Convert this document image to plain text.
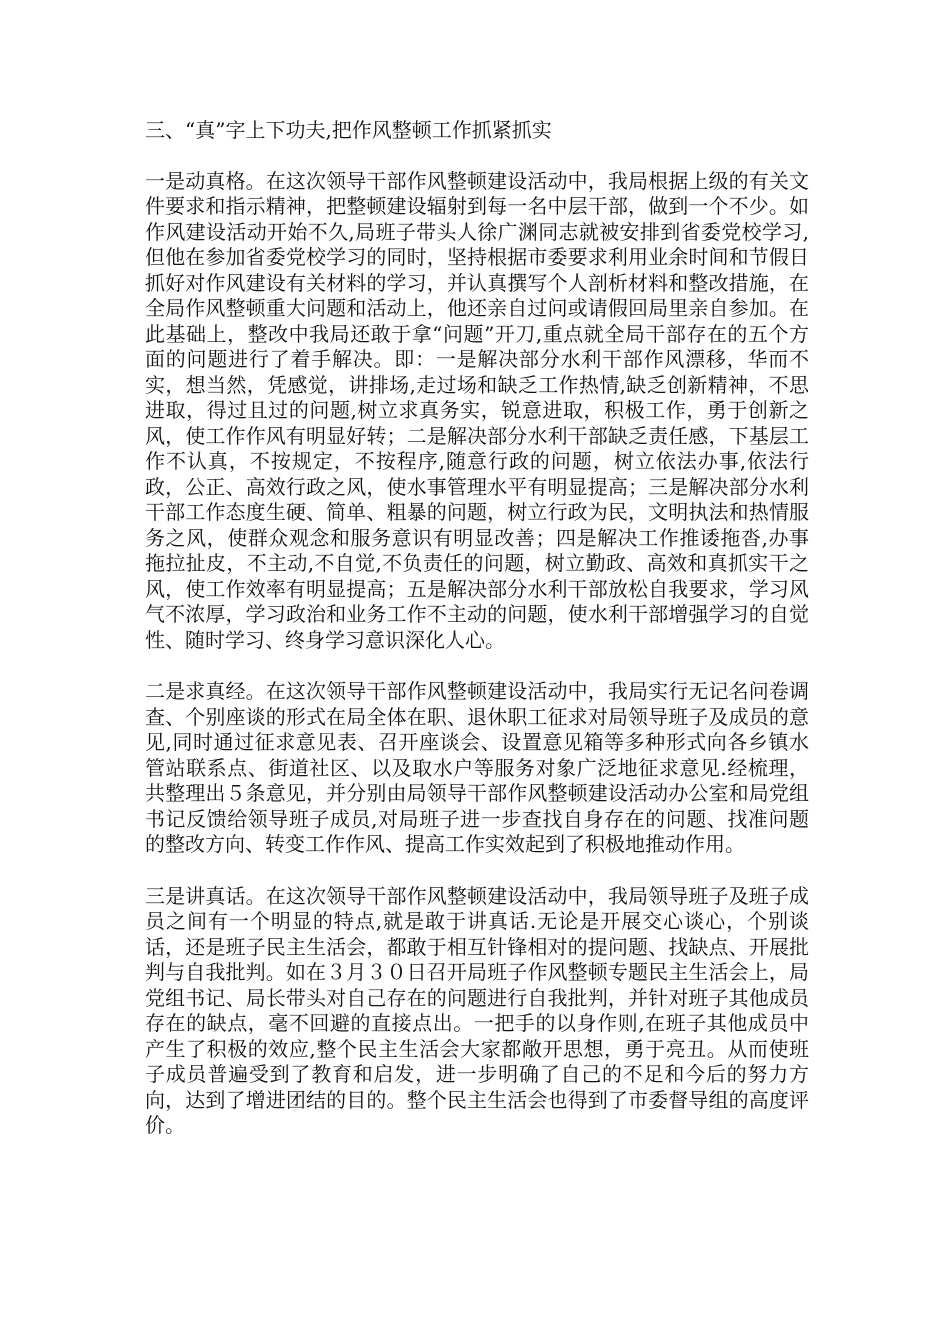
三、“真”字上下功夫,把作风整顿工作抓紧抓实

一是动真格。在这次领导干部作风整顿建设活动中，我局根据上级的有关文件要求和指示精神，把整顿建设辐射到每一名中层干部，做到一个不少。如作风建设活动开始不久,局班子带头人徐广渊同志就被安排到省委党校学习,但他在参加省委党校学习的同时，坚持根据市委要求利用业余时间和节假日抓好对作风建设有关材料的学习，并认真撰写个人剖析材料和整改措施，在全局作风整顿重大问题和活动上，他还亲自过问或请假回局里亲自参加。在此基础上，整改中我局还敢于拿“问题”开刀,重点就全局干部存在的五个方面的问题进行了着手解决。即：一是解决部分水利干部作风漂移，华而不实，想当然，凭感觉，讲排场,走过场和缺乏工作热情,缺乏创新精神，不思进取，得过且过的问题,树立求真务实，锐意进取，积极工作，勇于创新之风，使工作作风有明显好转；二是解决部分水利干部缺乏责任感，下基层工作不认真，不按规定，不按程序,随意行政的问题，树立依法办事,依法行政，公正、高效行政之风，使水事管理水平有明显提高；三是解决部分水利干部工作态度生硬、简单、粗暴的问题，树立行政为民，文明执法和热情服务之风，使群众观念和服务意识有明显改善；四是解决工作推诿拖沓,办事拖拉扯皮，不主动,不自觉,不负责任的问题，树立勤政、高效和真抓实干之风，使工作效率有明显提高；五是解决部分水利干部放松自我要求，学习风气不浓厚，学习政治和业务工作不主动的问题，使水利干部增强学习的自觉性、随时学习、终身学习意识深化人心。

二是求真经。在这次领导干部作风整顿建设活动中，我局实行无记名问卷调查、个别座谈的形式在局全体在职、退休职工征求对局领导班子及成员的意见,同时通过征求意见表、召开座谈会、设置意见箱等多种形式向各乡镇水管站联系点、街道社区、以及取水户等服务对象广泛地征求意见.经梳理，共整理出５条意见，并分别由局领导干部作风整顿建设活动办公室和局党组书记反馈给领导班子成员,对局班子进一步查找自身存在的问题、找准问题的整改方向、转变工作作风、提高工作实效起到了积极地推动作用。

三是讲真话。在这次领导干部作风整顿建设活动中，我局领导班子及班子成员之间有一个明显的特点,就是敢于讲真话.无论是开展交心谈心，个别谈话，还是班子民主生活会，都敢于相互针锋相对的提问题、找缺点、开展批判与自我批判。如在３月３０日召开局班子作风整顿专题民主生活会上，局党组书记、局长带头对自己存在的问题进行自我批判，并针对班子其他成员存在的缺点，毫不回避的直接点出。一把手的以身作则,在班子其他成员中产生了积极的效应,整个民主生活会大家都敞开思想，勇于亮丑。从而使班子成员普遍受到了教育和启发，进一步明确了自己的不足和今后的努力方向，达到了增进团结的目的。整个民主生活会也得到了市委督导组的高度评价。
